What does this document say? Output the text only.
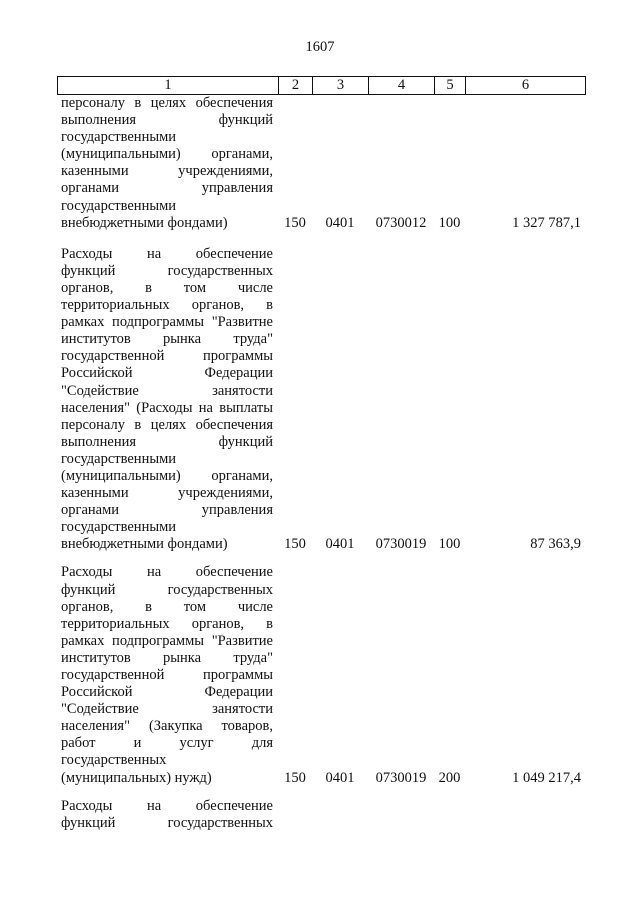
1607
1	2	3	4	5	6
персоналу в целях обеспечения
выполнения функций
государственными
(муниципальными) органами,
казенными учреждениями,
органами управления
государственными
внебюджетными фондами)	150	0401	0730012 100	1 327 787,1
Расходы на обеспечение
функций государственных
органов, в том числе
территориальных органов, в
рамках подпрограммы "Развитне
институтов рынка труда"
государственной программы
Российской Федерации
"Содействие занятости
населения" (Расходы на выплаты
персоналу в целях обеспечения
выполнения функций
государственными
(муниципальными) органами,
казенными учреждениями,
органами управления
государственными
внебюджетными фондами)	150	0401	0730019 100	87 363,9
Расходы на обеспечение
функций государственных
органов, в том числе
территориальных органов, в
рамках подпрограммы "Развитие
институтов рынка труда"
государственной программы
Российской Федерации
"Содействие занятости
населения" (Закупка товаров,
работ и услуг для
государственных
(муниципальных) нужд)	150	0401	0730019 200	1 049 217,4
Расходы на обеспечение
функций государственных
